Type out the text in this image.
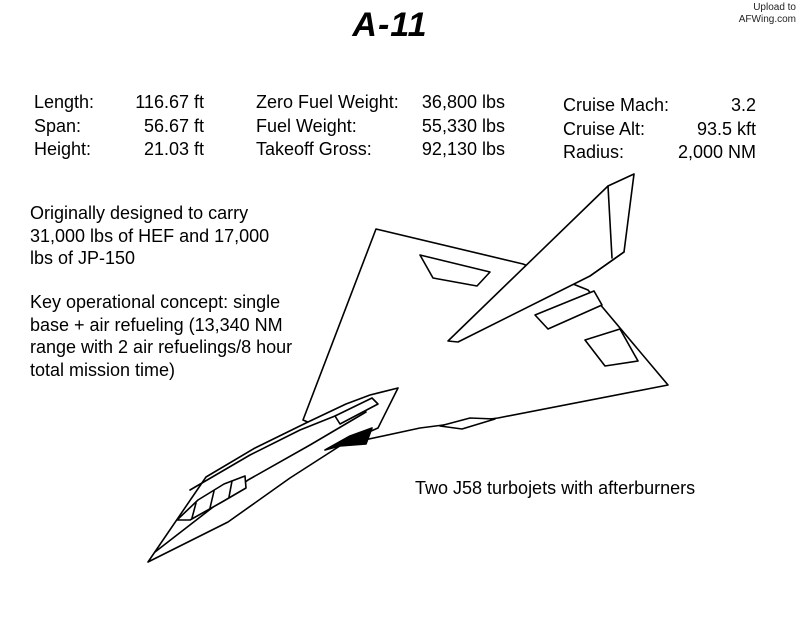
A-11	Upload to
AFWing.com
Length: 116.67 ft
Span:	56.67 ft
Height:	21.03 ft
Zero Fuel Weight: 36,800 lbs
Fuel Weight:	55,330 lbs
Takeoff Gross:	92,130 lbs
Cruise Mach:	3.2
Cruise Alt:	93.5 kft
Radius:	2,000 NM
Originally designed to carry
31,000 lbs of HEF and 17,000
lbs of JP-150
Key operational concept: single
base + air refueling (13,340 NM
range with 2 air refuelings/8 hour
total mission time)
Two J58 turbojets with afterburners
